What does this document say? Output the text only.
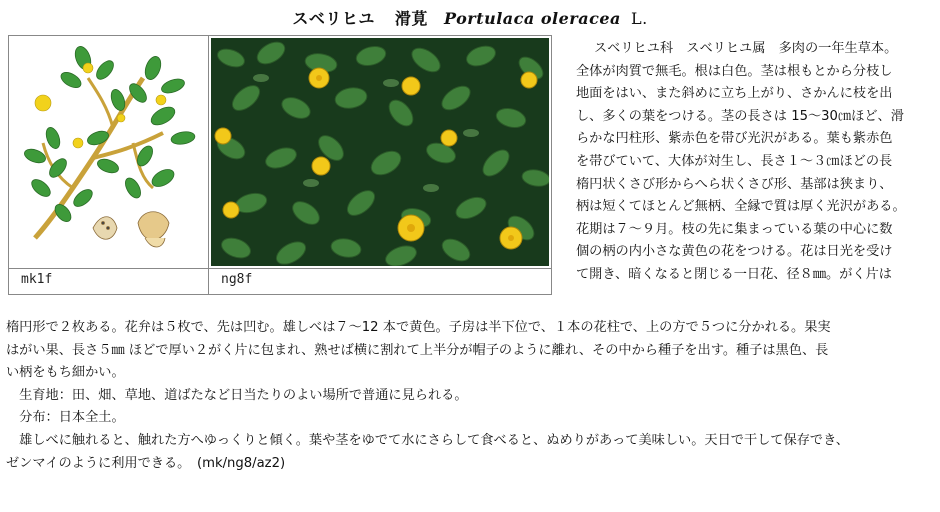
スベリヒユ 滑莧 Portulaca oleracea L.
mk1f	ng8f
スベリヒユ科　スベリヒユ属　多肉の一年生草本。
全体が肉質で無毛。根は白色。茎は根もとから分枝し
地面をはい、また斜めに立ち上がり、さかんに枝を出
し、多くの葉をつける。茎の長さは 15～30㎝ほど、滑
らかな円柱形、紫赤色を帯び光沢がある。葉も紫赤色
を帯びていて、大体が対生し、長さ１～３㎝ほどの長
楕円状くさび形からへら状くさび形、基部は狭まり、
柄は短くてほとんど無柄、全縁で質は厚く光沢がある。
花期は７～９月。枝の先に集まっている葉の中心に数
個の柄の内小さな黄色の花をつける。花は日光を受け
て開き、暗くなると閉じる一日花、径８㎜。がく片は
楕円形で２枚ある。花弁は５枚で、先は凹む。雄しべは７～12 本で黄色。子房は半下位で、１本の花柱で、上の方で５つに分かれる。果実
はがい果、長さ５㎜ ほどで厚い２がく片に包まれ、熟せば横に割れて上半分が帽子のように離れ、その中から種子を出す。種子は黒色、長
い柄をもち細かい。
　生育地：田、畑、草地、道ばたなど日当たりのよい場所で普通に見られる。
　分布：日本全土。
　雄しべに触れると、触れた方へゆっくりと傾く。葉や茎をゆでて水にさらして食べると、ぬめりがあって美味しい。天日で干して保存でき、
ゼンマイのように利用できる。　(mk/ng8/az2)
